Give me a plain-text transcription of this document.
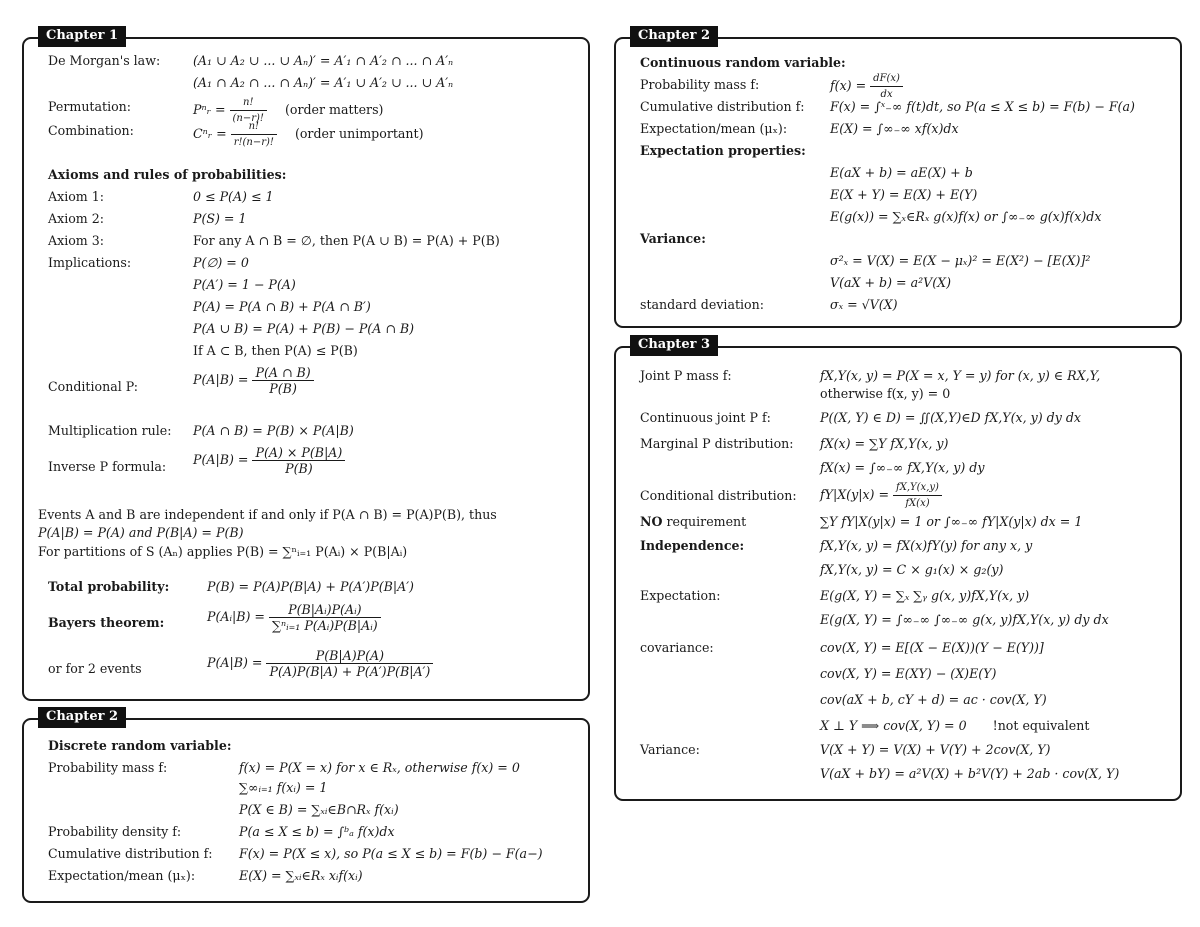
Chapter 1
De Morgan's law:	(A₁ ∪ A₂ ∪ ... ∪ Aₙ)′ = A′₁ ∩ A′₂ ∩ ... ∩ A′ₙ
(A₁ ∩ A₂ ∩ ... ∩ Aₙ)′ = A′₁ ∪ A′₂ ∪ ... ∪ A′ₙ
Permutation:	Pⁿᵣ = $\frac{n!}{(n-r)!}$ (order matters)
Combination:	Cⁿᵣ = $\frac{n!}{r!(n-r)!}$ (order unimportant)
Axioms and rules of probabilities:
Axiom 1:	0 ≤ P(A) ≤ 1
Axiom 2:	P(S) = 1
Axiom 3:	For any A ∩ B = ∅, then P(A ∪ B) = P(A) + P(B)
Implications:	P(∅) = 0
P(A′) = 1 − P(A)
P(A) = P(A ∩ B) + P(A ∩ B′)
P(A ∪ B) = P(A) + P(B) − P(A ∩ B)
If A ⊂ B, then P(A) ≤ P(B)
Conditional P:	$P(A|B) = \frac{P(A \cap B)}{P(B)}$
Multiplication rule: P(A ∩ B) = P(B) × P(A|B)
Inverse P formula: $P(A|B) = \frac{P(A) \times P(B|A)}{P(B)}$
Events A and B are independent if and only if P(A ∩ B) = P(A)P(B), thus
P(A|B) = P(A) and P(B|A) = P(B)
For partitions of S (Aₙ) applies P(B) = ∑ⁿᵢ₌₁ P(Aᵢ) × P(B|Aᵢ)
Total probability:	P(B) = P(A)P(B|A) + P(A′)P(B|A′)
Bayers theorem:	P(Aᵢ|B) = $\frac{\text{P(B|Aᵢ)P(Aᵢ)}}{\text{∑ⁿᵢ₌₁ P(Aᵢ)P(B|Aᵢ)}}$
or for 2 events	$P(A|B) = \frac{P(B|A)P(A)}{P(A)P(B|A) + P(A')P(B|A')}$
Chapter 2
Discrete random variable:
Probability mass f:	f(x) = P(X = x) for x ∈ Rₓ, otherwise f(x) = 0
∑∞ᵢ₌₁ f(xᵢ) = 1
P(X ∈ B) = ∑ₓᵢ∈B∩Rₓ f(xᵢ)
Probability density f:	P(a ≤ X ≤ b) = ∫ᵇₐ f(x)dx
Cumulative distribution f: F(x) = P(X ≤ x), so P(a ≤ X ≤ b) = F(b) − F(a−)
Expectation/mean (μₓ):	E(X) = ∑ₓᵢ∈Rₓ xᵢf(xᵢ)
Chapter 2
Continuous random variable:
Probability mass f:	$f(x) = \frac{dF(x)}{dx}$
Cumulative distribution f: F(x) = ∫ˣ₋∞ f(t)dt, so P(a ≤ X ≤ b) = F(b) − F(a)
Expectation/mean (μₓ):	E(X) = ∫∞₋∞ xf(x)dx
Expectation properties:
E(aX + b) = aE(X) + b
E(X + Y) = E(X) + E(Y)
E(g(x)) = ∑ₓ∈Rₓ g(x)f(x) or ∫∞₋∞ g(x)f(x)dx
Variance:
σ²ₓ = V(X) = E(X − μₓ)² = E(X²) − [E(X)]²
V(aX + b) = a²V(X)
standard deviation:	σₓ = √V(X)
Chapter 3
Joint P mass f:	fX,Y(x, y) = P(X = x, Y = y) for (x, y) ∈ RX,Y,
otherwise f(x, y) = 0
Continuous joint P f:	P((X, Y) ∈ D) = ∬(X,Y)∈D fX,Y(x, y) dy dx
Marginal P distribution: fX(x) = ∑Y fX,Y(x, y)
fX(x) = ∫∞₋∞ fX,Y(x, y) dy
Conditional distribution: $fY|X(y|x) = \frac{fX,Y(x,y)}{fX(x)}$
NO requirement	∑Y fY|X(y|x) = 1 or ∫∞₋∞ fY|X(y|x) dx = 1
Independence:	fX,Y(x, y) = fX(x)fY(y) for any x, y
fX,Y(x, y) = C × g₁(x) × g₂(y)
Expectation:	E(g(X, Y) = ∑ₓ ∑ᵧ g(x, y)fX,Y(x, y)
E(g(X, Y) = ∫∞₋∞ ∫∞₋∞ g(x, y)fX,Y(x, y) dy dx
covariance:	cov(X, Y) = E[(X − E(X))(Y − E(Y))]
cov(X, Y) = E(XY) − (X)E(Y)
cov(aX + b, cY + d) = ac · cov(X, Y)
X ⊥ Y ⟹ cov(X, Y) = 0 !not equivalent
Variance:	V(X + Y) = V(X) + V(Y) + 2cov(X, Y)
V(aX + bY) = a²V(X) + b²V(Y) + 2ab · cov(X, Y)
